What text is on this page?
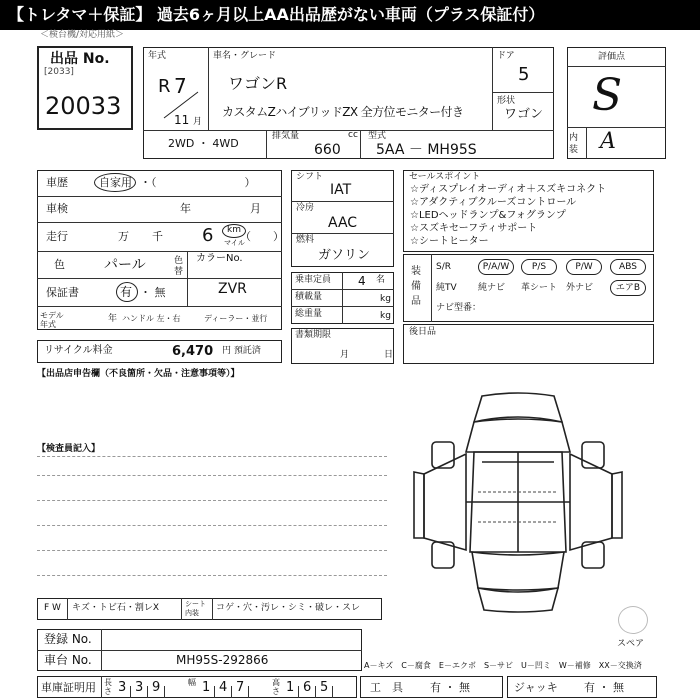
【トレタマ＋保証】 過去6ヶ月以上AA出品歴がない車両（プラス保証付）
＜検台機/対応用紙＞
出品 No.
[2033]
20033
年式
R 7
11 月
車名・グレード
ワゴンR
カスタムZハイブリッドZX 全方位モニター付き
ドア
5
形状
ワゴン
2WD ・ 4WD
排気量	cc
660
型式
5AA － MH95S
評価点
S
A
内装
車歴	自家用 ・（　　　　　　　　）
車検	年	月
走行	万 千 6 km
マイル
（　　）
色	パール	色替
カラーNo.
保証書	有 ・ 無	ZVR
モデル年式
年 ハンドル 左・右	ディーラー・並行
リサイクル料金	6,470 円 預託済
シフト
IAT
冷房
AAC
燃料
ガソリン
乗車定員 4 名
積載量	kg
総重量	kg
書類期限
月	日
セールスポイント
☆ディスプレイオーディオ＋スズキコネクト
☆アダクティブクルーズコントロール
☆LEDヘッドランプ&フォグランプ
☆スズキセーフティサポート
☆シートヒーター
装備品
S/R	P/A/W	P/S	P/W	ABS
純TV 純ナビ 革シート 外ナビ	エアB
ナビ型番：
後日品
【出品店申告欄（不良箇所・欠品・注意事項等）】
【検査員記入】
スペア
F W キズ・トビ石・割レX	シート内装	コゲ・穴・汚レ・シミ・破レ・スレ
登録 No.
車台 No.	MH95S-292866	A－キズ　C－腐食　E－エクボ　S－サビ　U－凹ミ　W－補修　XX－交換済
車庫証明用 長さ 3 3 9	幅 1 4 7	高さ 1 6 5	工　具 有 ・ 無	ジャッキ 有 ・ 無
